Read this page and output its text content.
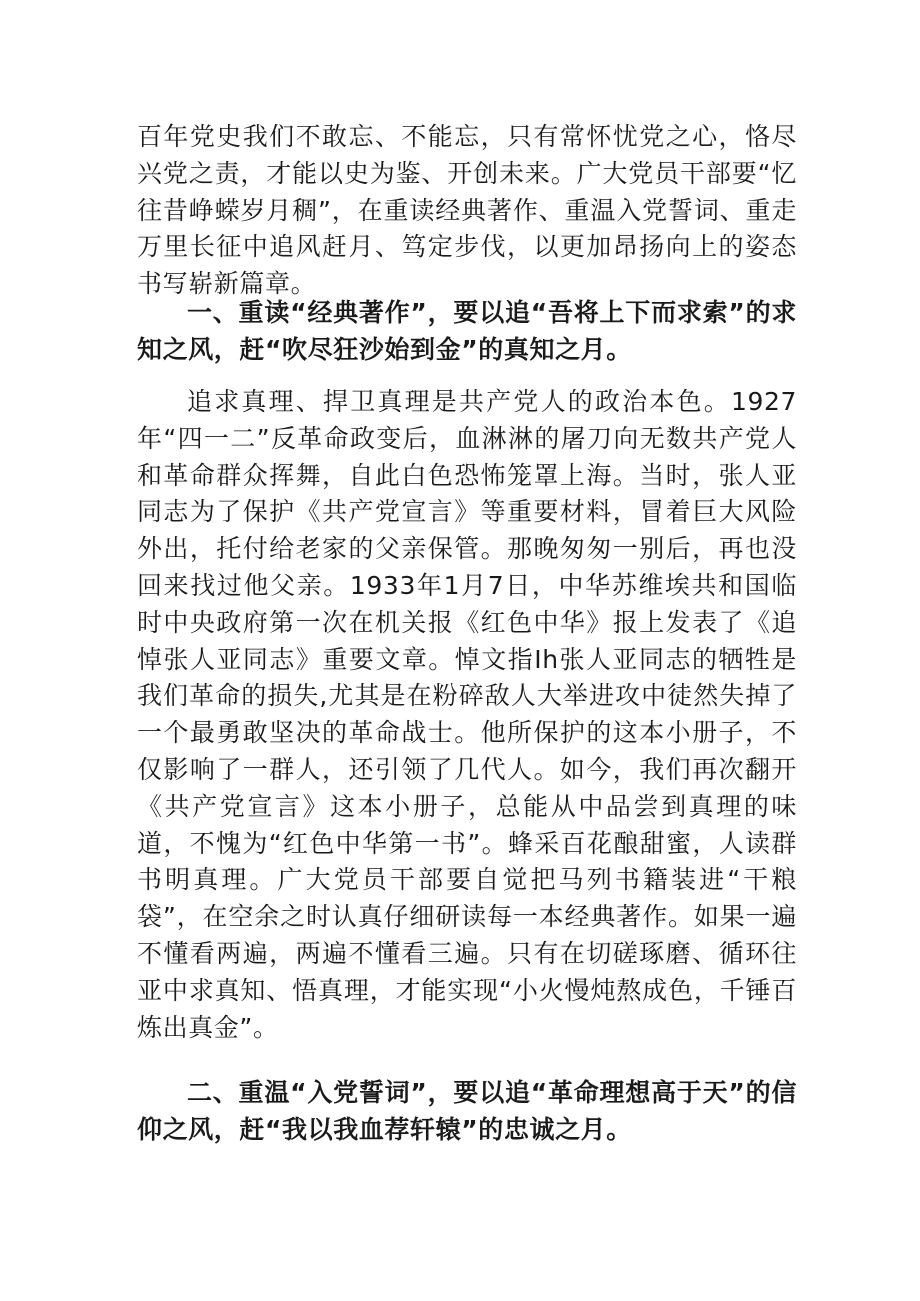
百年党史我们不敢忘、不能忘，只有常怀忧党之心，恪尽兴党之责，才能以史为鉴、开创未来。广大党员干部要“忆往昔峥蝾岁月稠”，在重读经典著作、重温入党誓词、重走万里长征中追风赶月、笃定步伐，以更加昂扬向上的姿态书写崭新篇章。

一、重读“经典著作”，要以追“吾将上下而求索”的求知之风，赶“吹尽狂沙始到金”的真知之月。

追求真理、捍卫真理是共产党人的政治本色。1927年“四一二”反革命政变后，血淋淋的屠刀向无数共产党人和革命群众挥舞，自此白色恐怖笼罩上海。当时，张人亚同志为了保护《共产党宣言》等重要材料，冒着巨大风险外出，托付给老家的父亲保管。那晚匆匆一别后，再也没回来找过他父亲。1933年1月7日，中华苏维埃共和国临时中央政府第一次在机关报《红色中华》报上发表了《追悼张人亚同志》重要文章。悼文指Ih张人亚同志的牺牲是我们革命的损失,尤其是在粉碎敌人大举进攻中徒然失掉了一个最勇敢坚决的革命战士。他所保护的这本小册子，不仅影响了一群人，还引领了几代人。如今，我们再次翻开《共产党宣言》这本小册子，总能从中品尝到真理的味道，不愧为“红色中华第一书”。蜂采百花酿甜蜜，人读群书明真理。广大党员干部要自觉把马列书籍装进“干粮袋”，在空余之时认真仔细研读每一本经典著作。如果一遍不懂看两遍，两遍不懂看三遍。只有在切磋琢磨、循环往亚中求真知、悟真理，才能实现“小火慢炖熬成色，千锤百炼出真金”。

二、重温“入党誓词”，要以追“革命理想高于天”的信仰之风，赶“我以我血荐轩辕”的忠诚之月。
